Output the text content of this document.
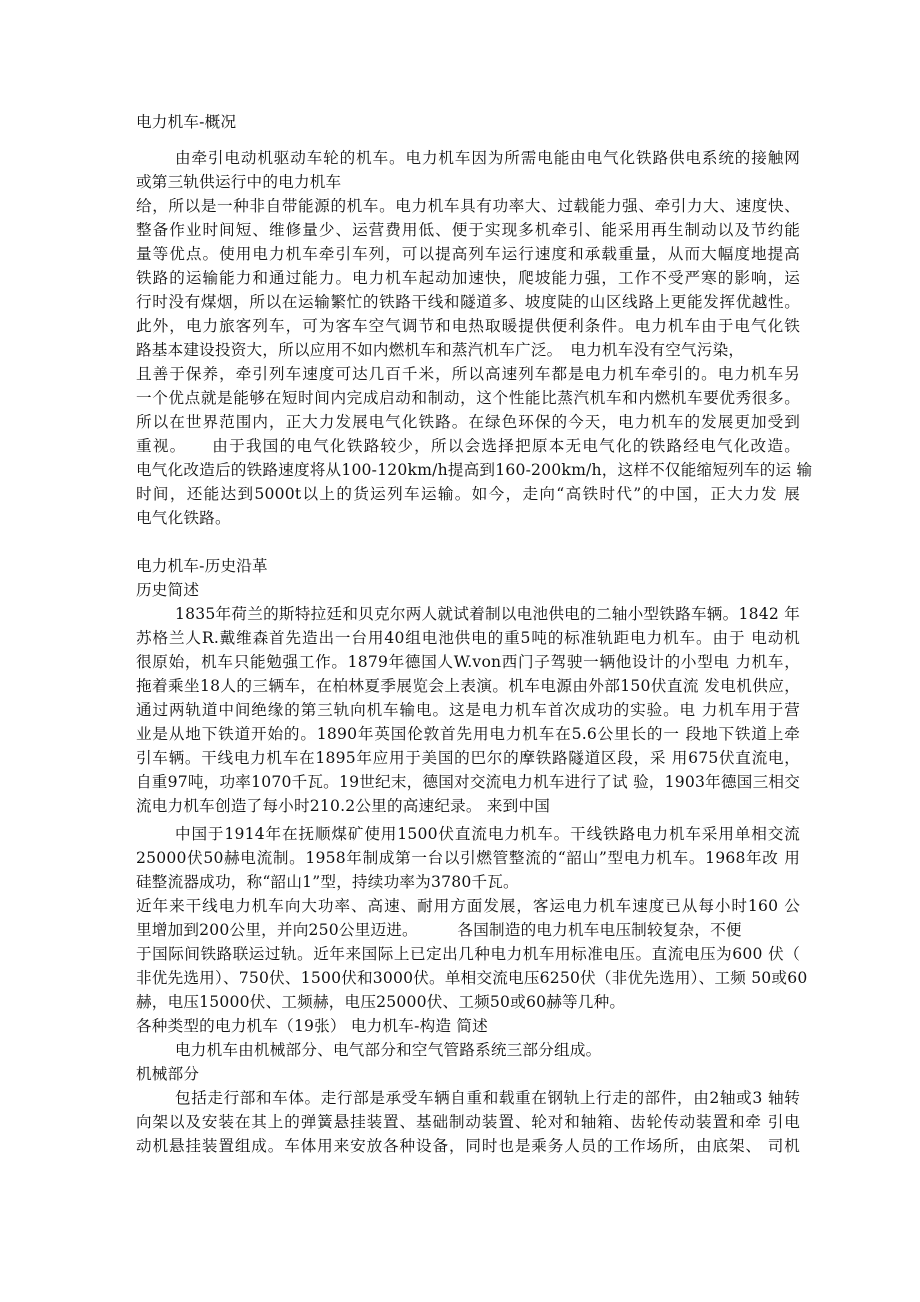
电力机车-概况
由牵引电动机驱动车轮的机车。电力机车因为所需电能由电气化铁路供电系统的接触网
或第三轨供运行中的电力机车
给，所以是一种非自带能源的机车。电力机车具有功率大、过载能力强、牵引力大、速度快、
整备作业时间短、维修量少、运营费用低、便于实现多机牵引、能采用再生制动以及节约能
量等优点。使用电力机车牵引车列，可以提高列车运行速度和承载重量，从而大幅度地提高
铁路的运输能力和通过能力。电力机车起动加速快，爬坡能力强，工作不受严寒的影响，运
行时没有煤烟，所以在运输繁忙的铁路干线和隧道多、坡度陡的山区线路上更能发挥优越性。
此外，电力旅客列车，可为客车空气调节和电热取暖提供便利条件。电力机车由于电气化铁
路基本建设投资大，所以应用不如内燃机车和蒸汽机车广泛。　电力机车没有空气污染，
且善于保养，牵引列车速度可达几百千米，所以高速列车都是电力机车牵引的。电力机车另
一个优点就是能够在短时间内完成启动和制动，这个性能比蒸汽机车和内燃机车要优秀很多。
所以在世界范围内，正大力发展电气化铁路。在绿色环保的今天，电力机车的发展更加受到
重视。　　由于我国的电气化铁路较少，所以会选择把原本无电气化的铁路经电气化改造。
电气化改造后的铁路速度将从100-120km/h提高到160-200km/h，这样不仅能缩短列车的运 输
时间，还能达到5000t以上的货运列车运输。如今，走向“高铁时代”的中国，正大力发 展
电气化铁路。
电力机车-历史沿革
历史简述
1835年荷兰的斯特拉廷和贝克尔两人就试着制以电池供电的二轴小型铁路车辆。1842 年
苏格兰人R.戴维森首先造出一台用40组电池供电的重5吨的标准轨距电力机车。由于 电动机
很原始，机车只能勉强工作。1879年德国人W.von西门子驾驶一辆他设计的小型电 力机车，
拖着乘坐18人的三辆车，在柏林夏季展览会上表演。机车电源由外部150伏直流 发电机供应，
通过两轨道中间绝缘的第三轨向机车输电。这是电力机车首次成功的实验。电 力机车用于营
业是从地下铁道开始的。1890年英国伦敦首先用电力机车在5.6公里长的一 段地下铁道上牵
引车辆。干线电力机车在1895年应用于美国的巴尔的摩铁路隧道区段，采 用675伏直流电，
自重97吨，功率1070千瓦。19世纪末，德国对交流电力机车进行了试 验，1903年德国三相交
流电力机车创造了每小时210.2公里的高速纪录。 来到中国
中国于1914年在抚顺煤矿使用1500伏直流电力机车。干线铁路电力机车采用单相交流
25000伏50赫电流制。1958年制成第一台以引燃管整流的“韶山”型电力机车。1968年改 用
硅整流器成功，称“韶山1”型，持续功率为3780千瓦。
近年来干线电力机车向大功率、高速、耐用方面发展，客运电力机车速度已从每小时160 公
里增加到200公里，并向250公里迈进。　　　各国制造的电力机车电压制较复杂，不便
于国际间铁路联运过轨。近年来国际上已定出几种电力机车用标准电压。直流电压为600 伏（
非优先选用）、750伏、1500伏和3000伏。单相交流电压6250伏（非优先选用）、工频 50或60
赫，电压15000伏、工频赫，电压25000伏、工频50或60赫等几种。
各种类型的电力机车（19张） 电力机车-构造 简述
电力机车由机械部分、电气部分和空气管路系统三部分组成。
机械部分
包括走行部和车体。走行部是承受车辆自重和载重在钢轨上行走的部件，由2轴或3 轴转
向架以及安装在其上的弹簧悬挂装置、基础制动装置、轮对和轴箱、齿轮传动装置和牵 引电
动机悬挂装置组成。车体用来安放各种设备，同时也是乘务人员的工作场所，由底架、 司机
